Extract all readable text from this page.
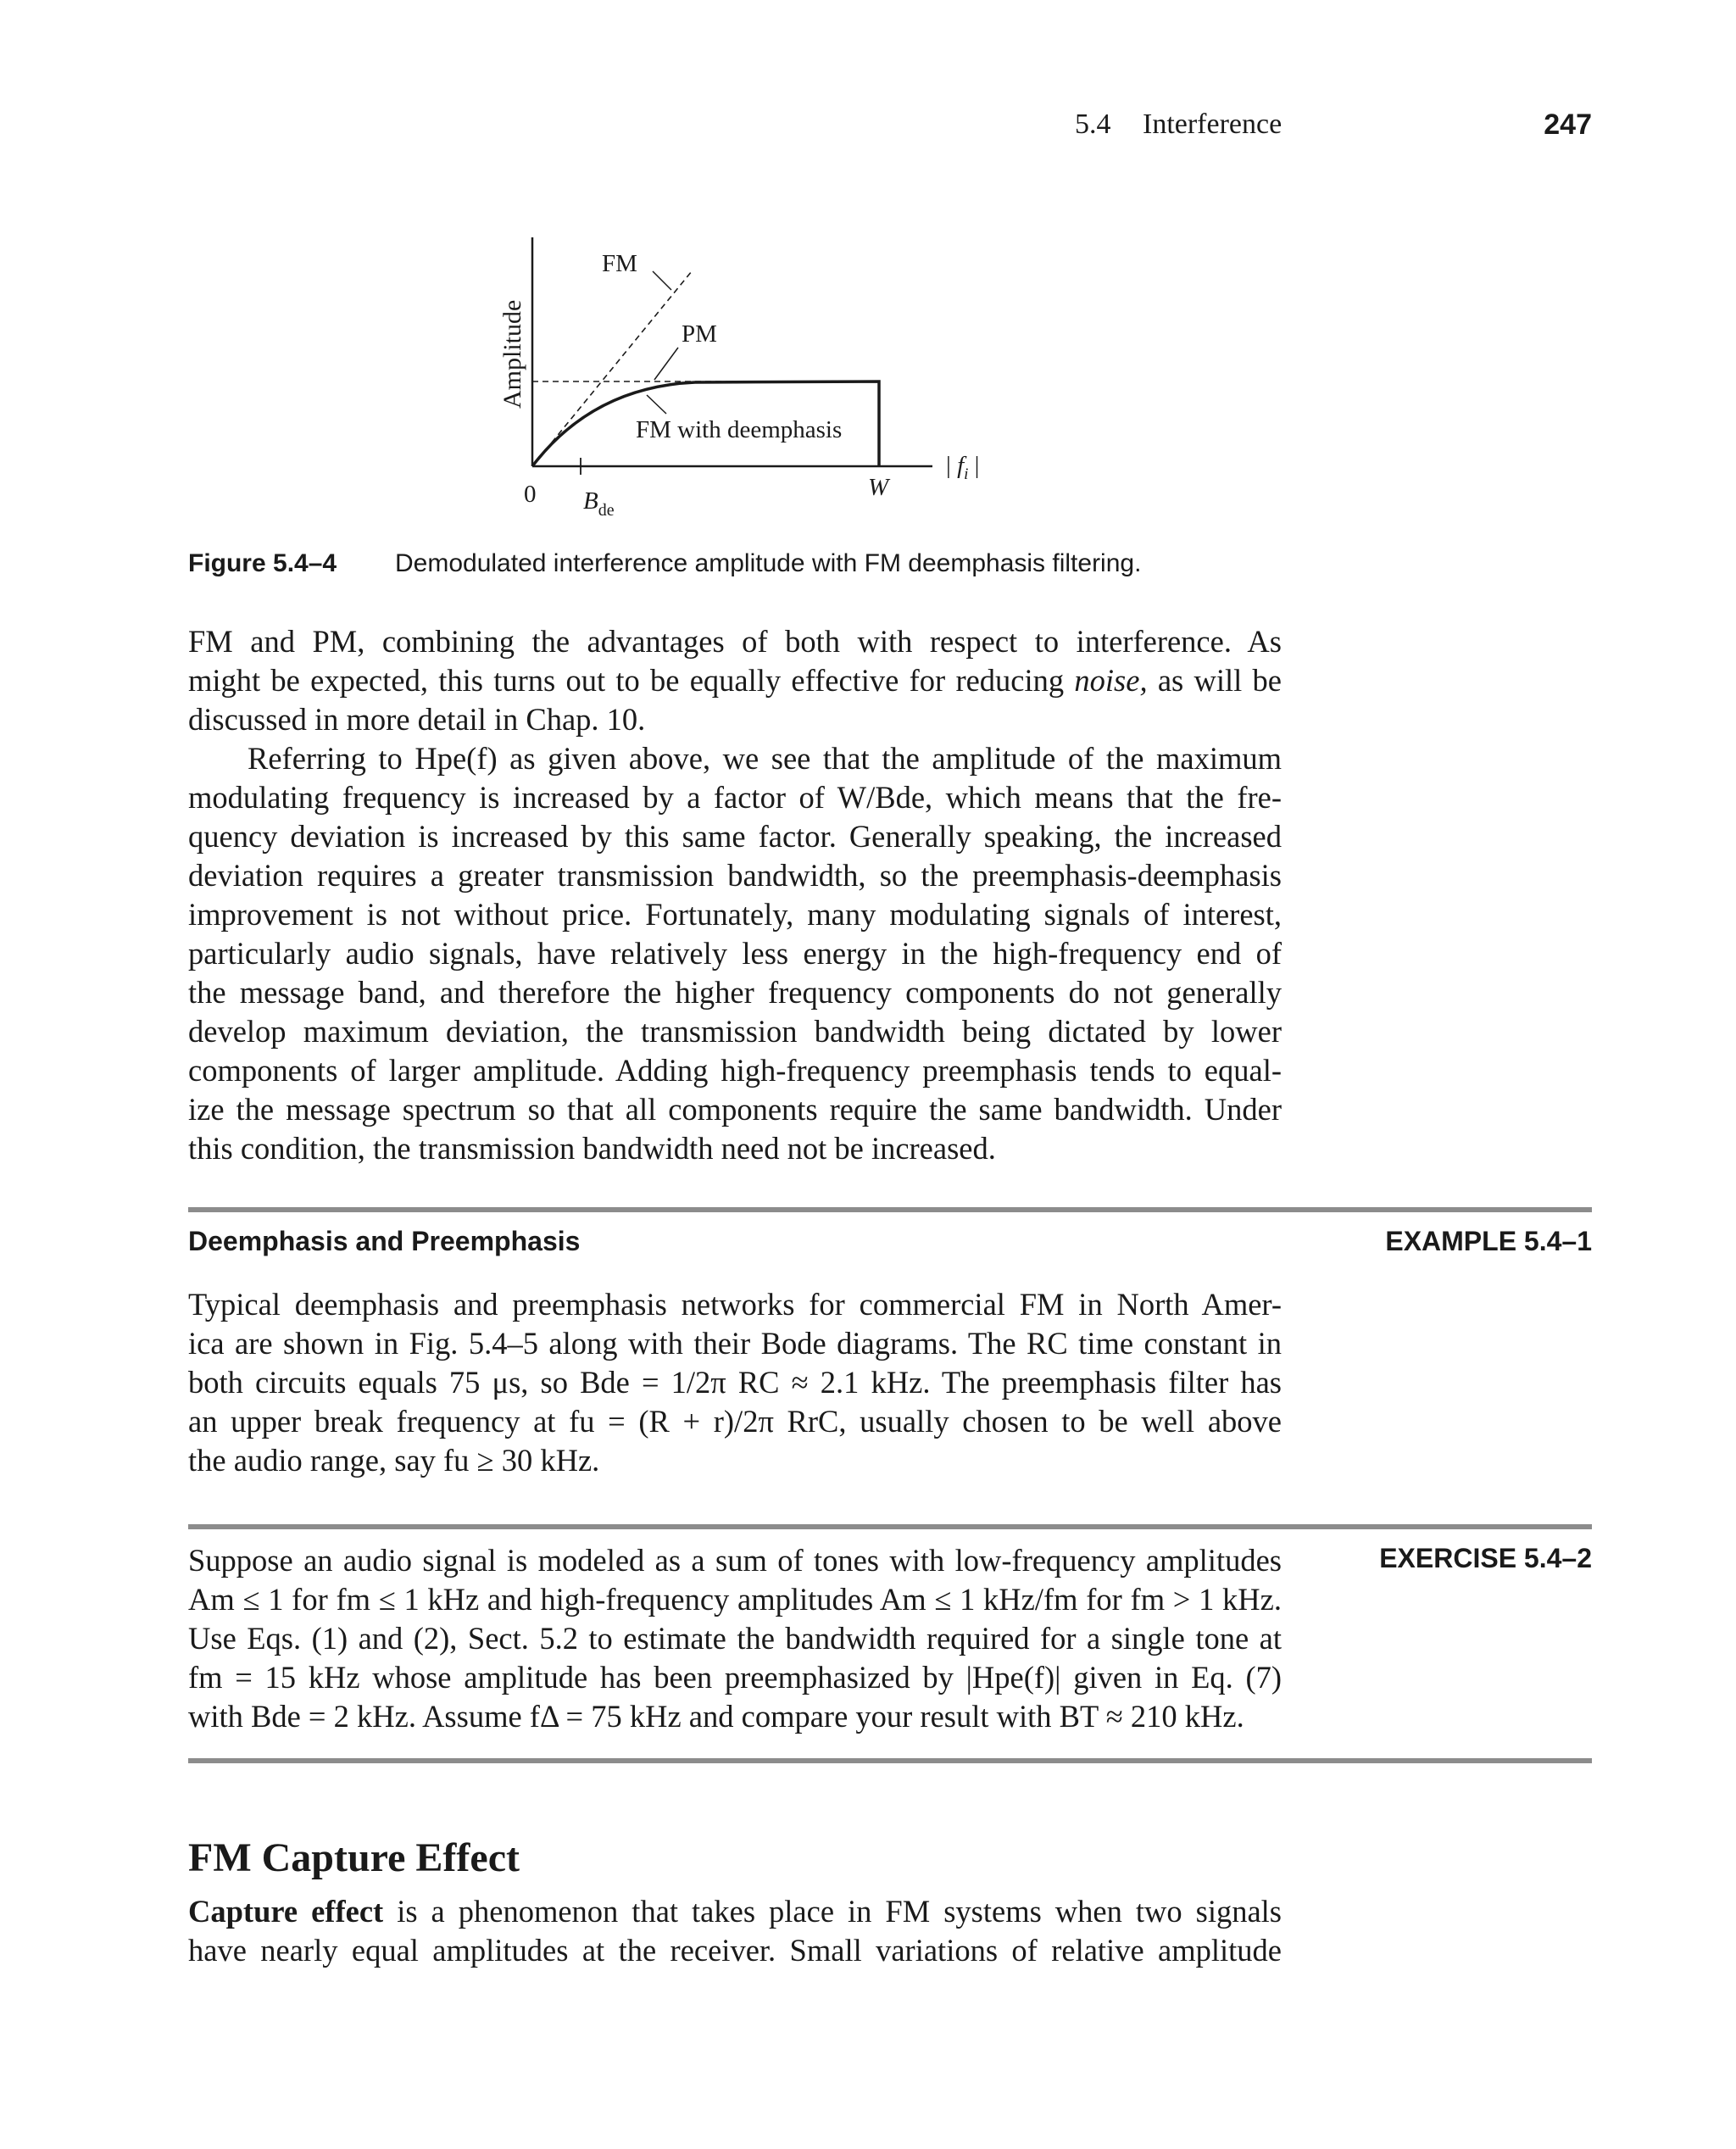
5.4 Interference	247
FM
PM
FM with deemphasis
Amplitude
0 $B_{de}$
W
| $f_i$ |
Figure 5.4–4 Demodulated interference amplitude with FM deemphasis filtering.
FM and PM, combining the advantages of both with respect to interference. As
might be expected, this turns out to be equally effective for reducing noise, as will be
discussed in more detail in Chap. 10.
Referring to Hpe(f) as given above, we see that the amplitude of the maximum
modulating frequency is increased by a factor of W/Bde, which means that the fre-
quency deviation is increased by this same factor. Generally speaking, the increased
deviation requires a greater transmission bandwidth, so the preemphasis-deemphasis
improvement is not without price. Fortunately, many modulating signals of interest,
particularly audio signals, have relatively less energy in the high-frequency end of
the message band, and therefore the higher frequency components do not generally
develop maximum deviation, the transmission bandwidth being dictated by lower
components of larger amplitude. Adding high-frequency preemphasis tends to equal-
ize the message spectrum so that all components require the same bandwidth. Under
this condition, the transmission bandwidth need not be increased.
Deemphasis and Preemphasis	EXAMPLE 5.4–1
Typical deemphasis and preemphasis networks for commercial FM in North Amer-
ica are shown in Fig. 5.4–5 along with their Bode diagrams. The RC time constant in
both circuits equals 75 μs, so Bde = 1/2π RC ≈ 2.1 kHz. The preemphasis filter has
an upper break frequency at fu = (R + r)/2π RrC, usually chosen to be well above
the audio range, say fu ≥ 30 kHz.
EXERCISE 5.4–2
Suppose an audio signal is modeled as a sum of tones with low-frequency amplitudes
Am ≤ 1 for fm ≤ 1 kHz and high-frequency amplitudes Am ≤ 1 kHz/fm for fm > 1 kHz.
Use Eqs. (1) and (2), Sect. 5.2 to estimate the bandwidth required for a single tone at
fm = 15 kHz whose amplitude has been preemphasized by |Hpe(f)| given in Eq. (7)
with Bde = 2 kHz. Assume fΔ = 75 kHz and compare your result with BT ≈ 210 kHz.
FM Capture Effect
Capture effect is a phenomenon that takes place in FM systems when two signals
have nearly equal amplitudes at the receiver. Small variations of relative amplitude
